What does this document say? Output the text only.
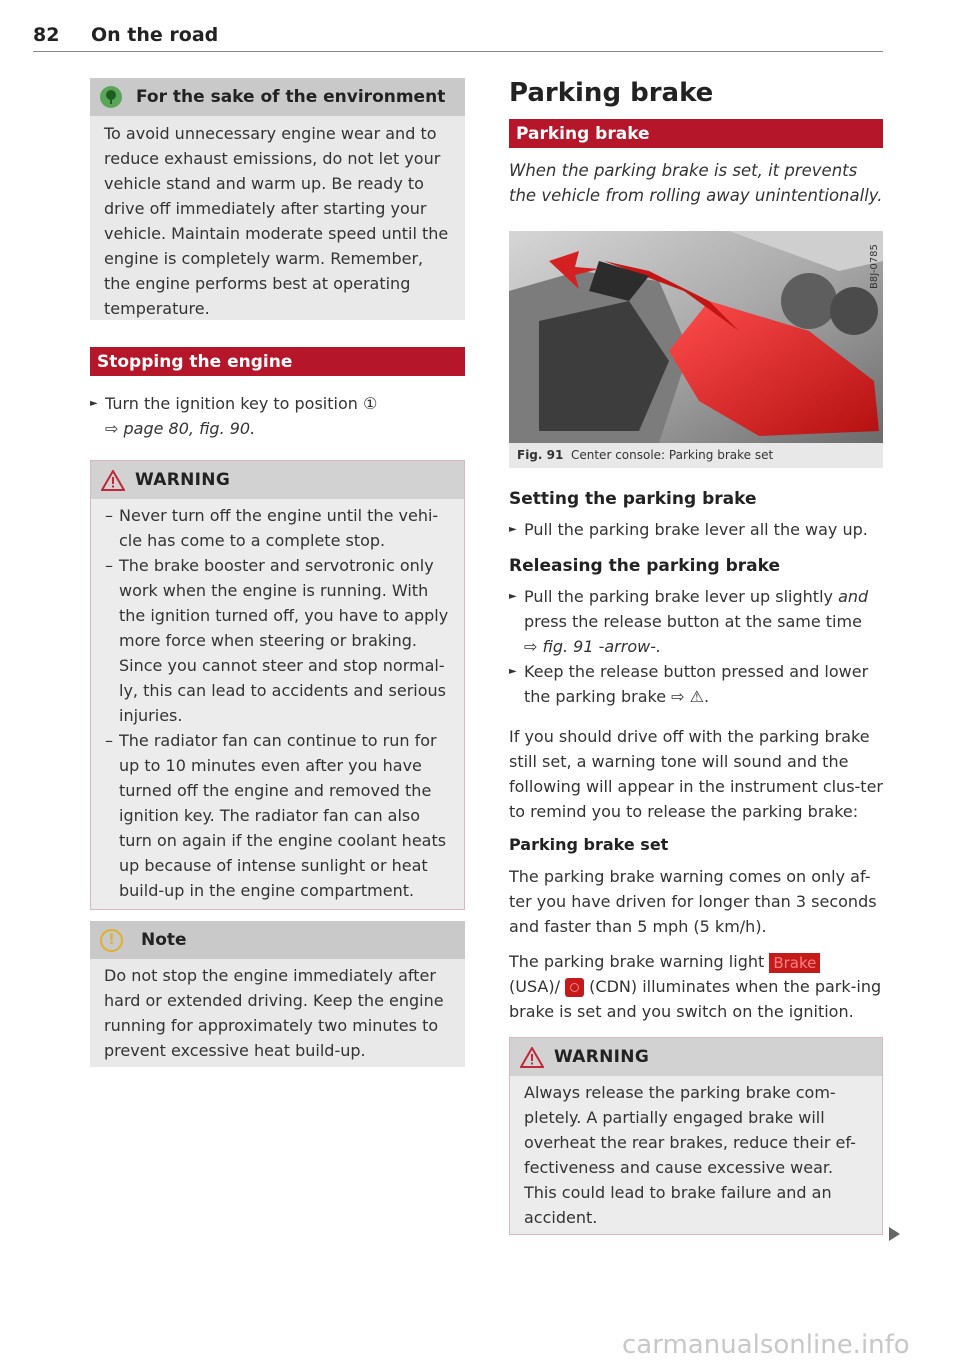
82 On the road
For the sake of the environment
To avoid unnecessary engine wear and to reduce exhaust emissions, do not let your vehicle stand and warm up. Be ready to drive off immediately after starting your vehicle. Maintain moderate speed until the engine is completely warm. Remember, the engine performs best at operating temperature.
Stopping the engine
► Turn the ignition key to position ①
⇨ page 80, fig. 90.
WARNING
– Never turn off the engine until the vehi-cle has come to a complete stop.
– The brake booster and servotronic only work when the engine is running. With the ignition turned off, you have to apply more force when steering or braking. Since you cannot steer and stop normal-ly, this can lead to accidents and serious injuries.
– The radiator fan can continue to run for up to 10 minutes even after you have turned off the engine and removed the ignition key. The radiator fan can also turn on again if the engine coolant heats up because of intense sunlight or heat build-up in the engine compartment.
!	Note
Do not stop the engine immediately after hard or extended driving. Keep the engine running for approximately two minutes to prevent excessive heat build-up.
Parking brake
Parking brake
When the parking brake is set, it prevents the vehicle from rolling away unintentionally.
B8J-0785
Fig. 91 Center console: Parking brake set
Setting the parking brake
► Pull the parking brake lever all the way up.
Releasing the parking brake
► Pull the parking brake lever up slightly and press the release button at the same time
⇨ fig. 91 -arrow-.
► Keep the release button pressed and lower the parking brake ⇨ ⚠.
If you should drive off with the parking brake still set, a warning tone will sound and the following will appear in the instrument clus-ter to remind you to release the parking brake:
Parking brake set
The parking brake warning comes on only af-ter you have driven for longer than 3 seconds and faster than 5 mph (5 km/h).
The parking brake warning light Brake
(USA)/  (CDN) illuminates when the park-ing brake is set and you switch on the ignition.
WARNING
Always release the parking brake com-pletely. A partially engaged brake will overheat the rear brakes, reduce their ef-fectiveness and cause excessive wear. This could lead to brake failure and an accident.
carmanualsonline.info
